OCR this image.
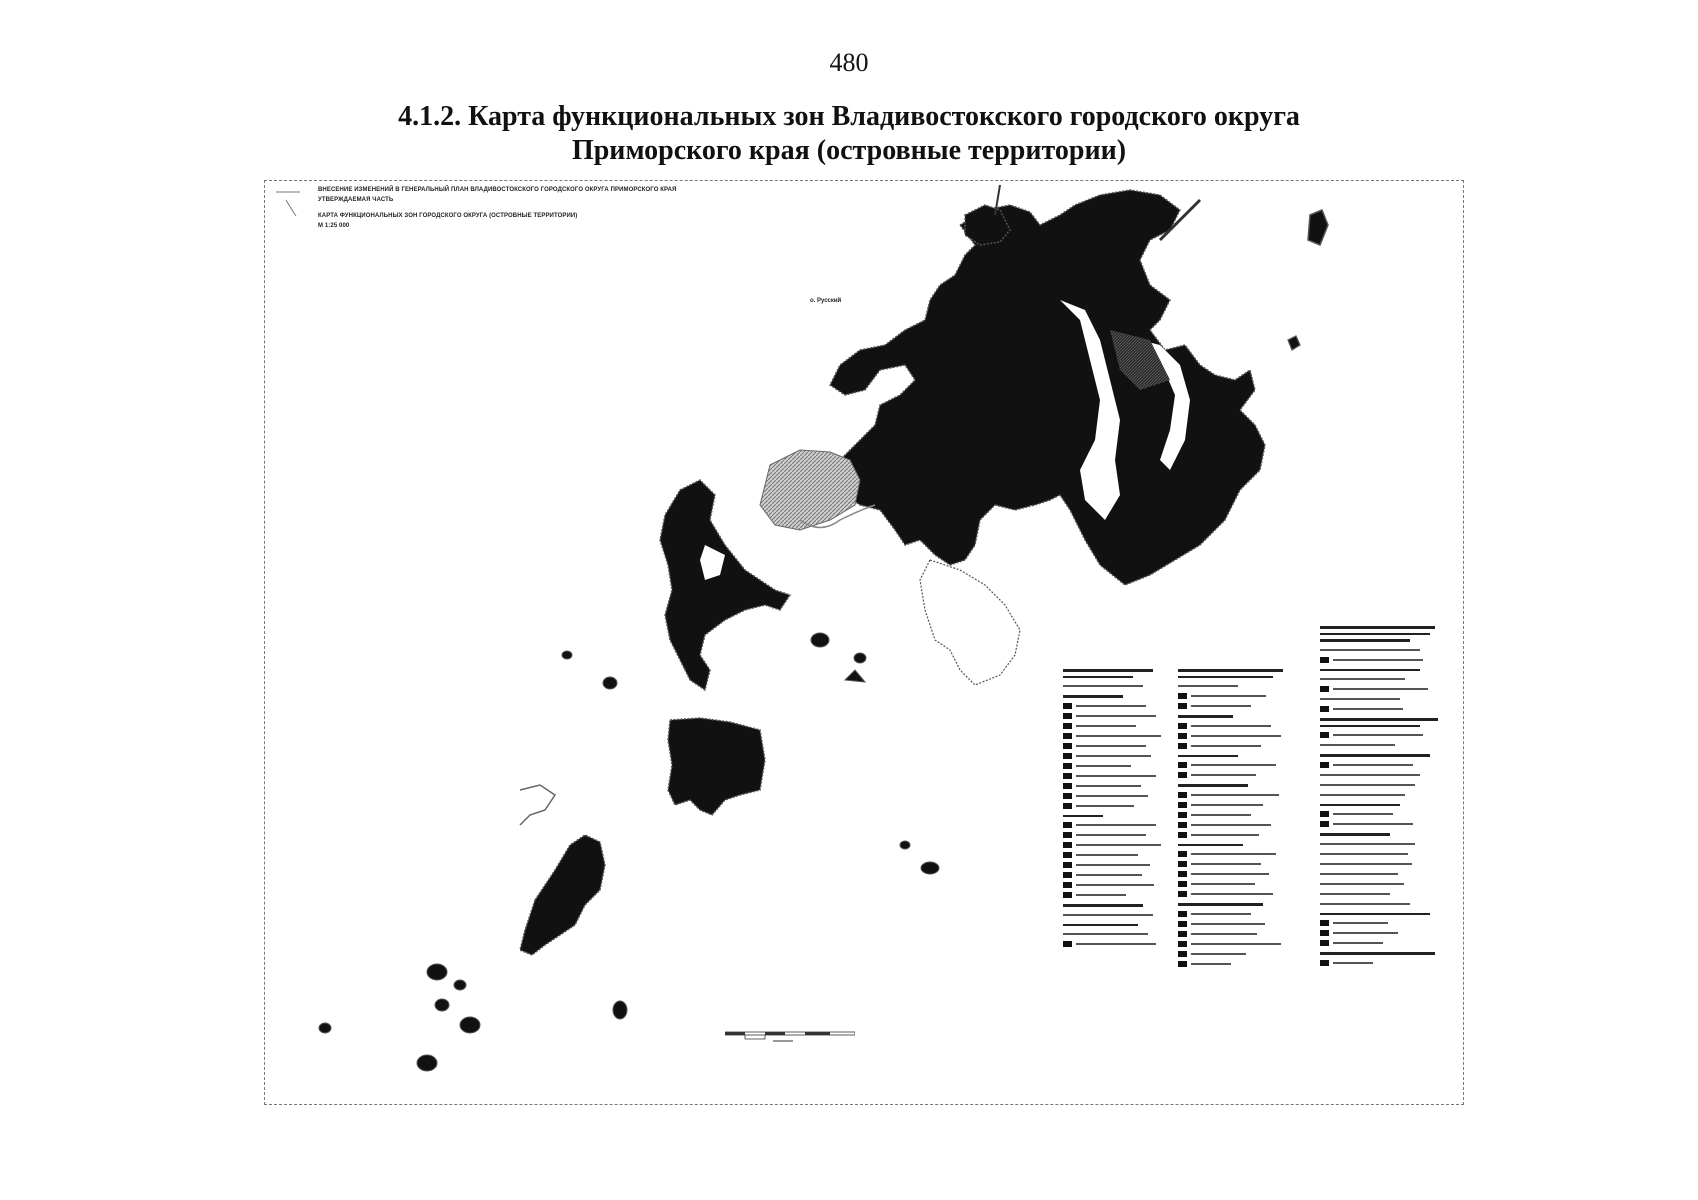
480
4.1.2. Карта функциональных зон Владивостокского городского округа
Приморского края (островные территории)
ВНЕСЕНИЕ ИЗМЕНЕНИЙ В ГЕНЕРАЛЬНЫЙ ПЛАН ВЛАДИВОСТОКСКОГО ГОРОДСКОГО ОКРУГА ПРИМОРСКОГО КРАЯ
УТВЕРЖДАЕМАЯ ЧАСТЬ
КАРТА ФУНКЦИОНАЛЬНЫХ ЗОН ГОРОДСКОГО ОКРУГА (ОСТРОВНЫЕ ТЕРРИТОРИИ)
М 1:25 000
о. Русский
